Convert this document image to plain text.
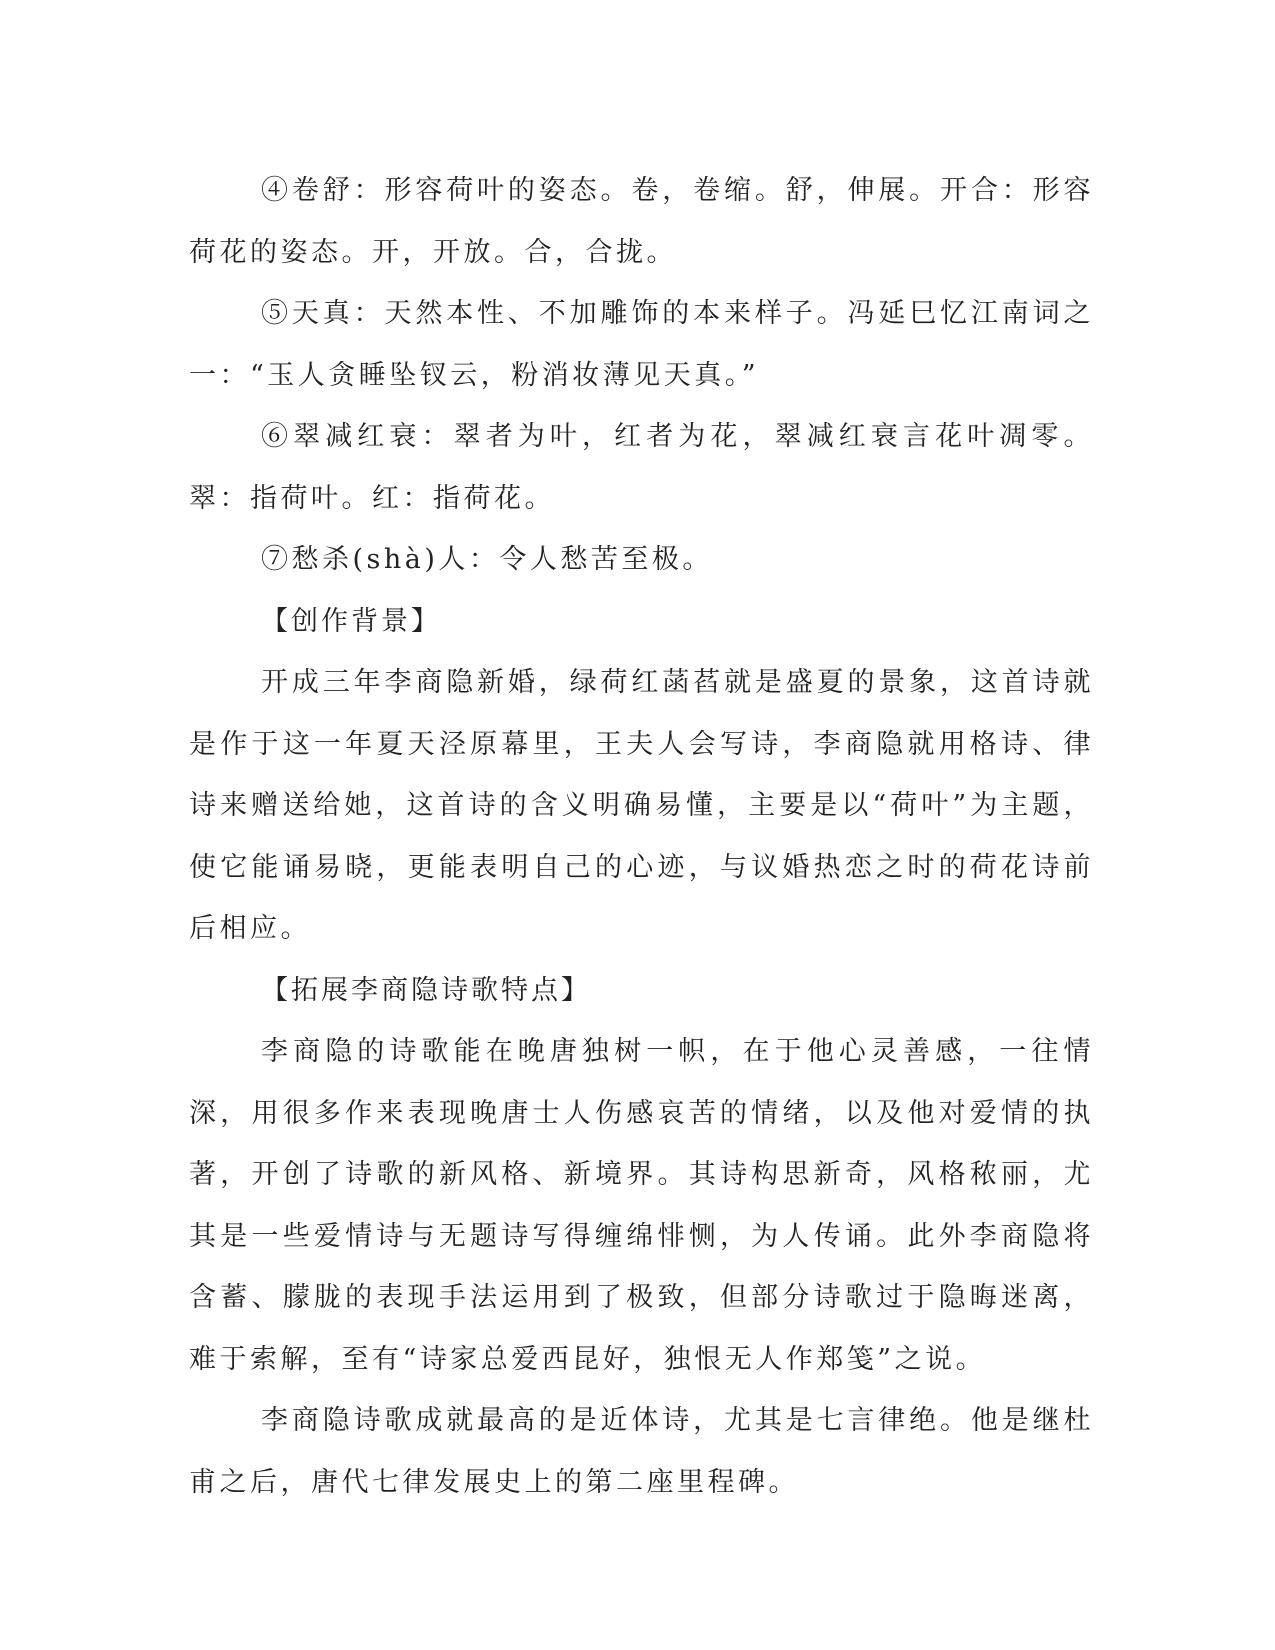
④卷舒：形容荷叶的姿态。卷，卷缩。舒，伸展。开合：形容荷花的姿态。开，开放。合，合拢。

⑤天真：天然本性、不加雕饰的本来样子。冯延巳忆江南词之一：“玉人贪睡坠钗云，粉消妆薄见天真。”

⑥翠减红衰：翠者为叶，红者为花，翠减红衰言花叶凋零。翠：指荷叶。红：指荷花。

⑦愁杀(shà)人：令人愁苦至极。

【创作背景】

开成三年李商隐新婚，绿荷红菡萏就是盛夏的景象，这首诗就是作于这一年夏天泾原幕里，王夫人会写诗，李商隐就用格诗、律诗来赠送给她，这首诗的含义明确易懂，主要是以“荷叶”为主题，使它能诵易晓，更能表明自己的心迹，与议婚热恋之时的荷花诗前后相应。

【拓展李商隐诗歌特点】

李商隐的诗歌能在晚唐独树一帜，在于他心灵善感，一往情深，用很多作来表现晚唐士人伤感哀苦的情绪，以及他对爱情的执著，开创了诗歌的新风格、新境界。其诗构思新奇，风格秾丽，尤其是一些爱情诗与无题诗写得缠绵悱恻，为人传诵。此外李商隐将含蓄、朦胧的表现手法运用到了极致，但部分诗歌过于隐晦迷离，难于索解，至有“诗家总爱西昆好，独恨无人作郑笺”之说。

李商隐诗歌成就最高的是近体诗，尤其是七言律绝。他是继杜甫之后，唐代七律发展史上的第二座里程碑。
